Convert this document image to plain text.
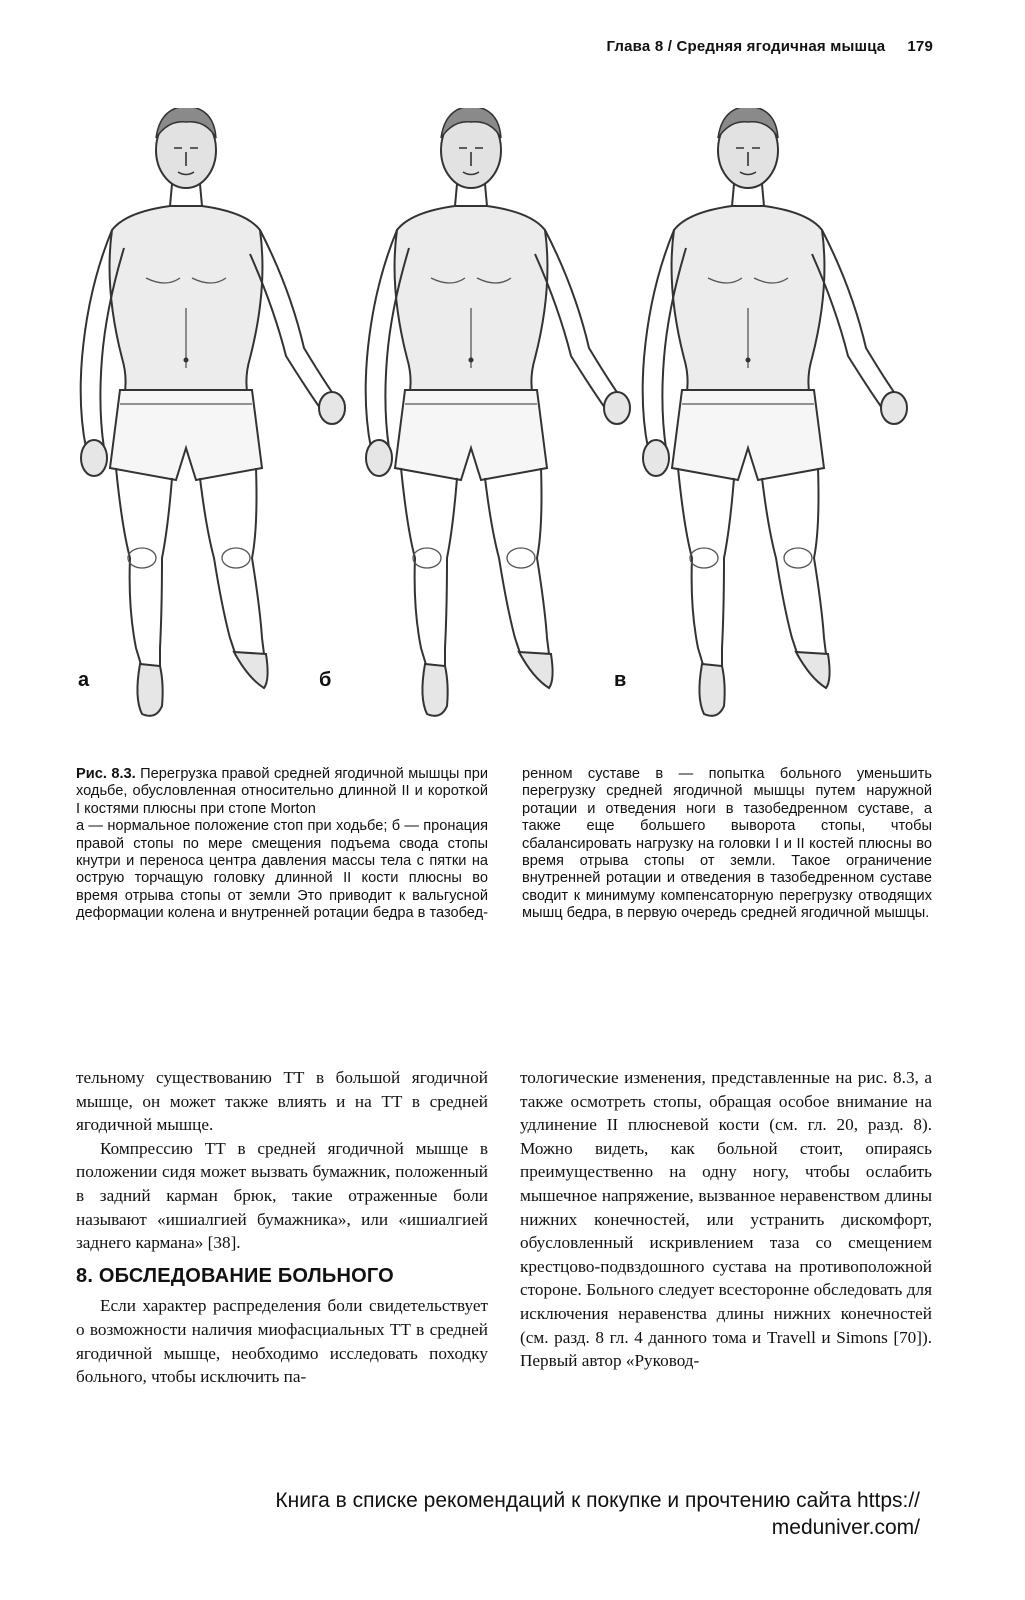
Глава 8 / Средняя ягодичная мышца 179
а	б	в

Рис. 8.3. Перегрузка правой средней ягодичной мышцы при ходьбе, обусловленная относительно длинной II и короткой I костями плюсны при стопе Morton

а — нормальное положение стоп при ходьбе; б — пронация правой стопы по мере смещения подъема свода стопы кнутри и переноса центра давления массы тела с пятки на острую торчащую головку длинной II кости плюсны во время отрыва стопы от земли Это приводит к вальгусной деформации колена и внутренней ротации бедра в тазобед-

ренном суставе в — попытка больного уменьшить перегрузку средней ягодичной мышцы путем наружной ротации и отведения ноги в тазобедренном суставе, а также еще большего выворота стопы, чтобы сбалансировать нагрузку на головки I и II костей плюсны во время отрыва стопы от земли. Такое ограничение внутренней ротации и отведения в тазобедренном суставе сводит к минимуму компенсаторную перегрузку отводящих мышц бедра, в первую очередь средней ягодичной мышцы.

тельному существованию ТТ в большой ягодичной мышце, он может также влиять и на ТТ в средней ягодичной мышце.

Компрессию ТТ в средней ягодичной мышце в положении сидя может вызвать бумажник, положенный в задний карман брюк, такие отраженные боли называют «ишиалгией бумажника», или «ишиалгией заднего кармана» [38].

8. ОБСЛЕДОВАНИЕ БОЛЬНОГО

Если характер распределения боли свидетельствует о возможности наличия миофасциальных ТТ в средней ягодичной мышце, необходимо исследовать походку больного, чтобы исключить па-

тологические изменения, представленные на рис. 8.3, а также осмотреть стопы, обращая особое внимание на удлинение II плюсневой кости (см. гл. 20, разд. 8). Можно видеть, как больной стоит, опираясь преимущественно на одну ногу, чтобы ослабить мышечное напряжение, вызванное неравенством длины нижних конечностей, или устранить дискомфорт, обусловленный искривлением таза со смещением крестцово-подвздошного сустава на противоположной стороне. Больного следует всесторонне обследовать для исключения неравенства длины нижних конечностей (см. разд. 8 гл. 4 данного тома и Travell и Simons [70]). Первый автор «Руковод-

Книга в списке рекомендаций к покупке и прочтению сайта https://
meduniver.com/
